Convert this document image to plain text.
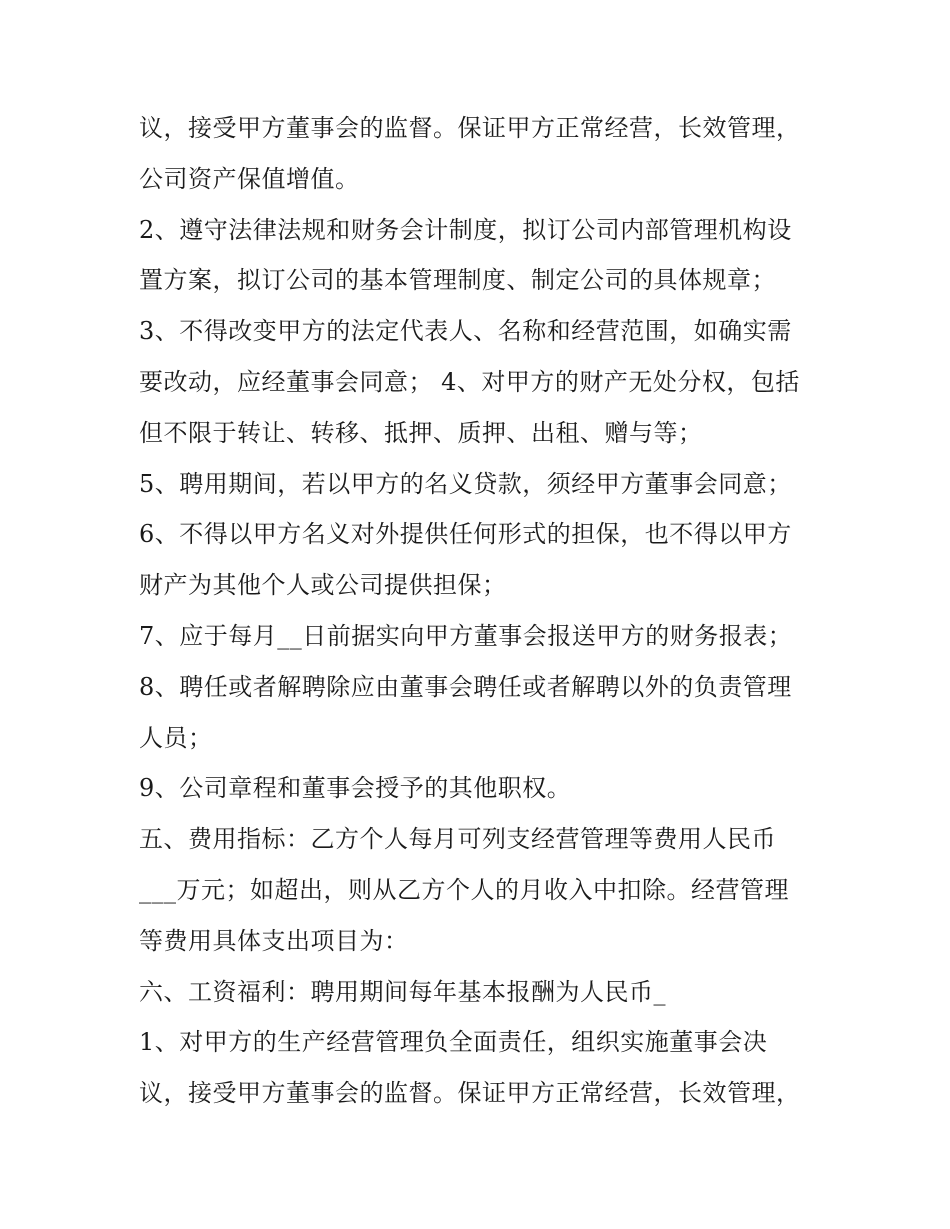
议，接受甲方董事会的监督。保证甲方正常经营，长效管理，
公司资产保值增值。
2、遵守法律法规和财务会计制度，拟订公司内部管理机构设
置方案，拟订公司的基本管理制度、制定公司的具体规章；
3、不得改变甲方的法定代表人、名称和经营范围，如确实需
要改动，应经董事会同意； 4、对甲方的财产无处分权，包括
但不限于转让、转移、抵押、质押、出租、赠与等；
5、聘用期间，若以甲方的名义贷款，须经甲方董事会同意；
6、不得以甲方名义对外提供任何形式的担保，也不得以甲方
财产为其他个人或公司提供担保；
7、应于每月__日前据实向甲方董事会报送甲方的财务报表；
8、聘任或者解聘除应由董事会聘任或者解聘以外的负责管理
人员；
9、公司章程和董事会授予的其他职权。
五、费用指标：乙方个人每月可列支经营管理等费用人民币
___万元；如超出，则从乙方个人的月收入中扣除。经营管理
等费用具体支出项目为：
六、工资福利：聘用期间每年基本报酬为人民币_
1、对甲方的生产经营管理负全面责任，组织实施董事会决
议，接受甲方董事会的监督。保证甲方正常经营，长效管理，
